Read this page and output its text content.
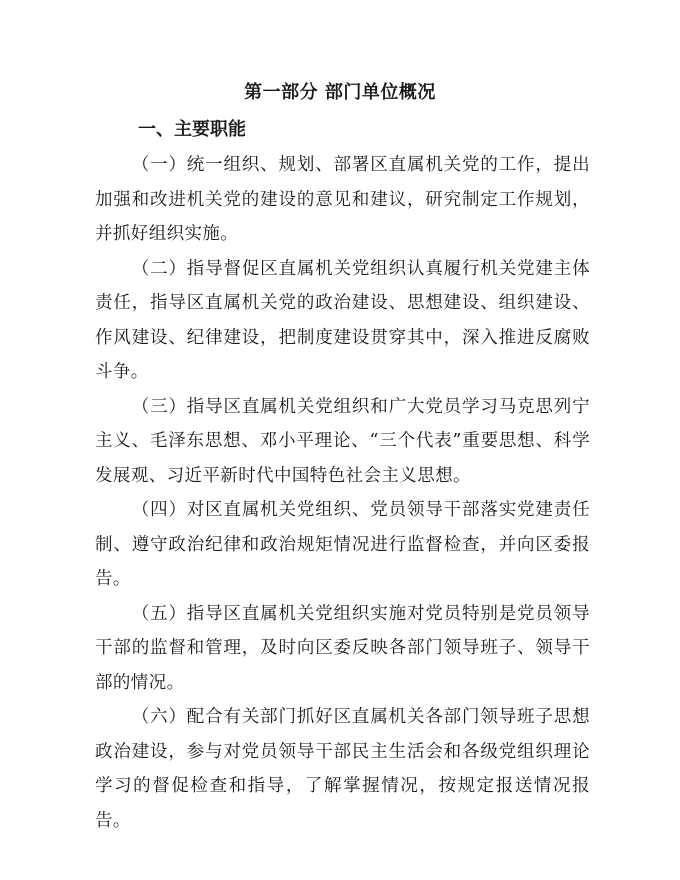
第一部分 部门单位概况
一、主要职能

（一）统一组织、规划、部署区直属机关党的工作，提出加强和改进机关党的建设的意见和建议，研究制定工作规划，并抓好组织实施。

（二）指导督促区直属机关党组织认真履行机关党建主体责任，指导区直属机关党的政治建设、思想建设、组织建设、作风建设、纪律建设，把制度建设贯穿其中，深入推进反腐败斗争。

（三）指导区直属机关党组织和广大党员学习马克思列宁主义、毛泽东思想、邓小平理论、“三个代表”重要思想、科学发展观、习近平新时代中国特色社会主义思想。

（四）对区直属机关党组织、党员领导干部落实党建责任制、遵守政治纪律和政治规矩情况进行监督检查，并向区委报告。

（五）指导区直属机关党组织实施对党员特别是党员领导干部的监督和管理，及时向区委反映各部门领导班子、领导干部的情况。

（六）配合有关部门抓好区直属机关各部门领导班子思想政治建设，参与对党员领导干部民主生活会和各级党组织理论学习的督促检查和指导，了解掌握情况，按规定报送情况报告。
